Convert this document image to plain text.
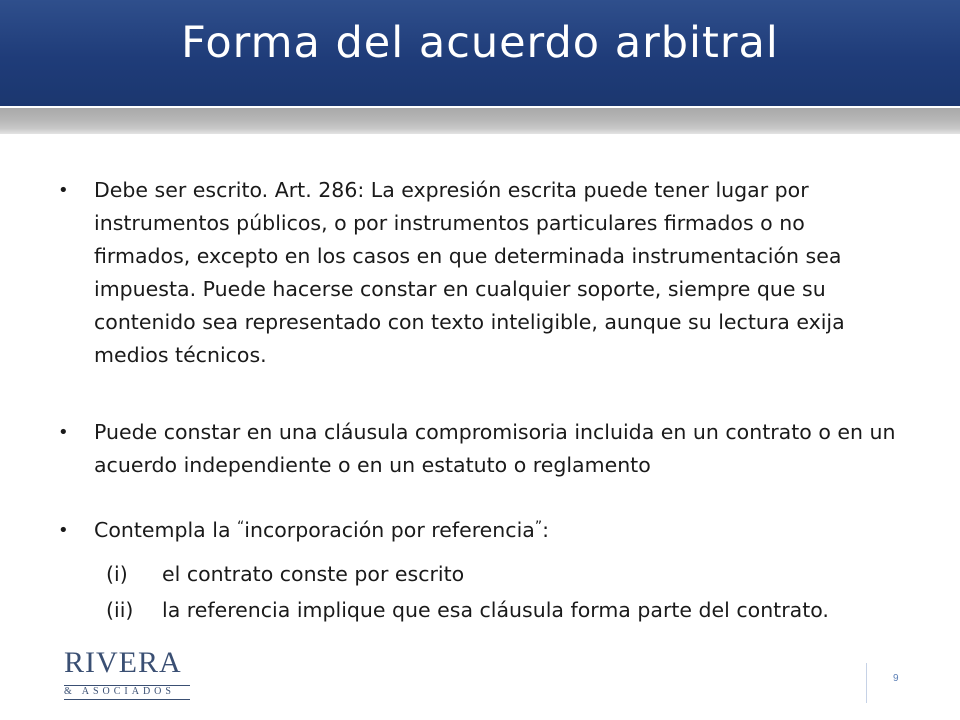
Forma del acuerdo arbitral
• Debe ser escrito. Art. 286: La expresión escrita puede tener lugar por instrumentos públicos, o por instrumentos particulares firmados o no firmados, excepto en los casos en que determinada instrumentación sea impuesta. Puede hacerse constar en cualquier soporte, siempre que su contenido sea representado con texto inteligible, aunque su lectura exija medios técnicos.
• Puede constar en una cláusula compromisoria incluida en un contrato o en un acuerdo independiente o en un estatuto o reglamento
• Contempla la “incorporación por referencia”:
(i) el contrato conste por escrito
(ii) la referencia implique que esa cláusula forma parte del contrato.
RIVERA
& ASOCIADOS
9
